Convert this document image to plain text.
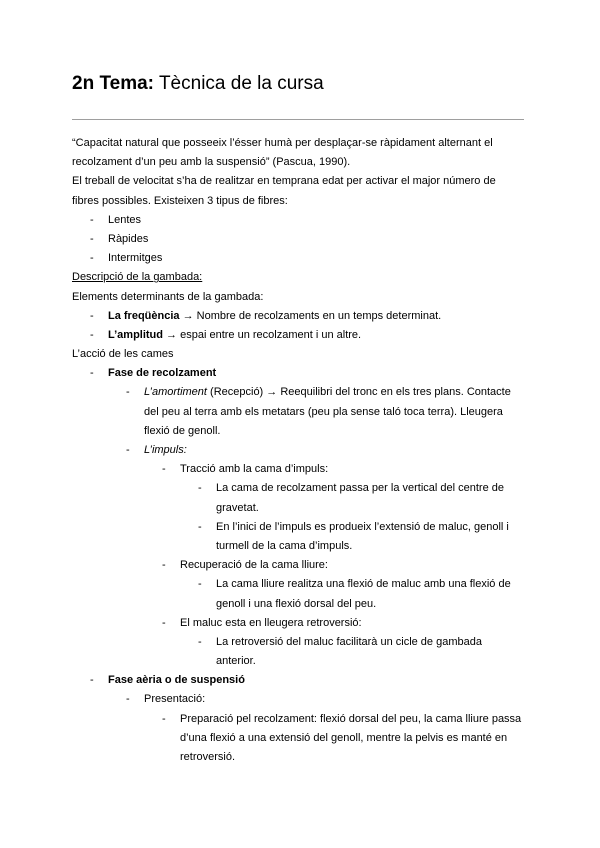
2n Tema: Tècnica de la cursa
“Capacitat natural que posseeix l’ésser humà per desplaçar-se ràpidament alternant el
recolzament d’un peu amb la suspensió” (Pascua, 1990).
El treball de velocitat s’ha de realitzar en temprana edat per activar el major número de
fibres possibles. Existeixen 3 tipus de fibres:
- Lentes
- Ràpides
- Intermitges
Descripció de la gambada:
Elements determinants de la gambada:
- La freqüència → Nombre de recolzaments en un temps determinat.
- L’amplitud → espai entre un recolzament i un altre.
L’acció de les cames
- Fase de recolzament
- L’amortiment (Recepció) → Reequilibri del tronc en els tres plans. Contacte
del peu al terra amb els metatars (peu pla sense taló toca terra). Lleugera
flexió de genoll.
- L’impuls:
- Tracció amb la cama d’impuls:
- La cama de recolzament passa per la vertical del centre de
gravetat.
- En l’inici de l’impuls es produeix l’extensió de maluc, genoll i
turmell de la cama d’impuls.
- Recuperació de la cama lliure:
- La cama lliure realitza una flexió de maluc amb una flexió de
genoll i una flexió dorsal del peu.
- El maluc esta en lleugera retroversió:
- La retroversió del maluc facilitarà un cicle de gambada
anterior.
- Fase aèria o de suspensió
- Presentació:
- Preparació pel recolzament: flexió dorsal del peu, la cama lliure passa
d’una flexió a una extensió del genoll, mentre la pelvis es manté en
retroversió.
